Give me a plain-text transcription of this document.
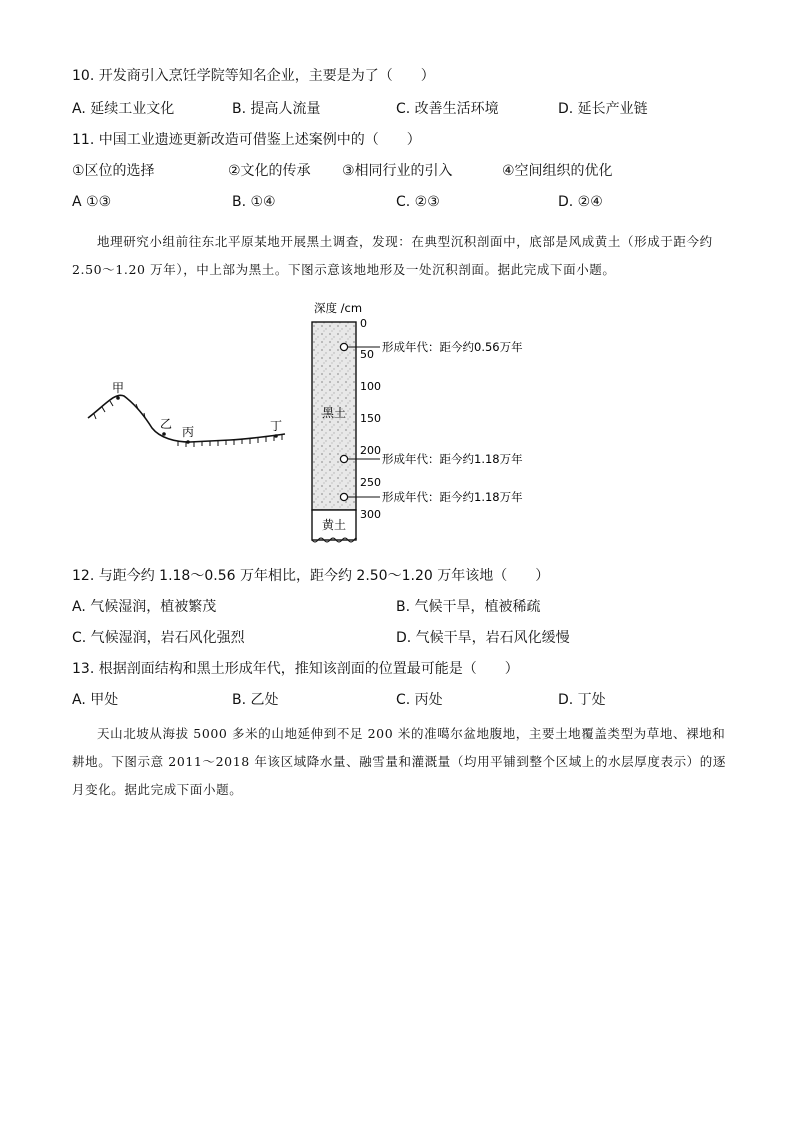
10. 开发商引入烹饪学院等知名企业，主要是为了（　　）
A. 延续工业文化	B. 提高人流量	C. 改善生活环境	D. 延长产业链
11. 中国工业遗迹更新改造可借鉴上述案例中的（　　）
①区位的选择	②文化的传承 ③相同行业的引入	④空间组织的优化
A ①③	B. ①④	C. ②③	D. ②④

地理研究小组前往东北平原某地开展黑土调查，发现：在典型沉积剖面中，底部是风成黄土（形成于距今约 2.50～1.20 万年），中上部为黑土。下图示意该地地形及一处沉积剖面。据此完成下面小题。

甲
乙
丙	丁
深度 /cm
黑土
黄土
0
50
100
150
200
250
300
形成年代：距今约0.56万年
形成年代：距今约1.18万年
形成年代：距今约1.18万年
12. 与距今约 1.18～0.56 万年相比，距今约 2.50～1.20 万年该地（　　）
A. 气候湿润，植被繁茂	B. 气候干旱，植被稀疏
C. 气候湿润，岩石风化强烈	D. 气候干旱，岩石风化缓慢
13. 根据剖面结构和黑土形成年代，推知该剖面的位置最可能是（　　）
A. 甲处	B. 乙处	C. 丙处	D. 丁处

天山北坡从海拔 5000 多米的山地延伸到不足 200 米的准噶尔盆地腹地，主要土地覆盖类型为草地、裸地和耕地。下图示意 2011～2018 年该区域降水量、融雪量和灌溉量（均用平铺到整个区域上的水层厚度表示）的逐月变化。据此完成下面小题。
